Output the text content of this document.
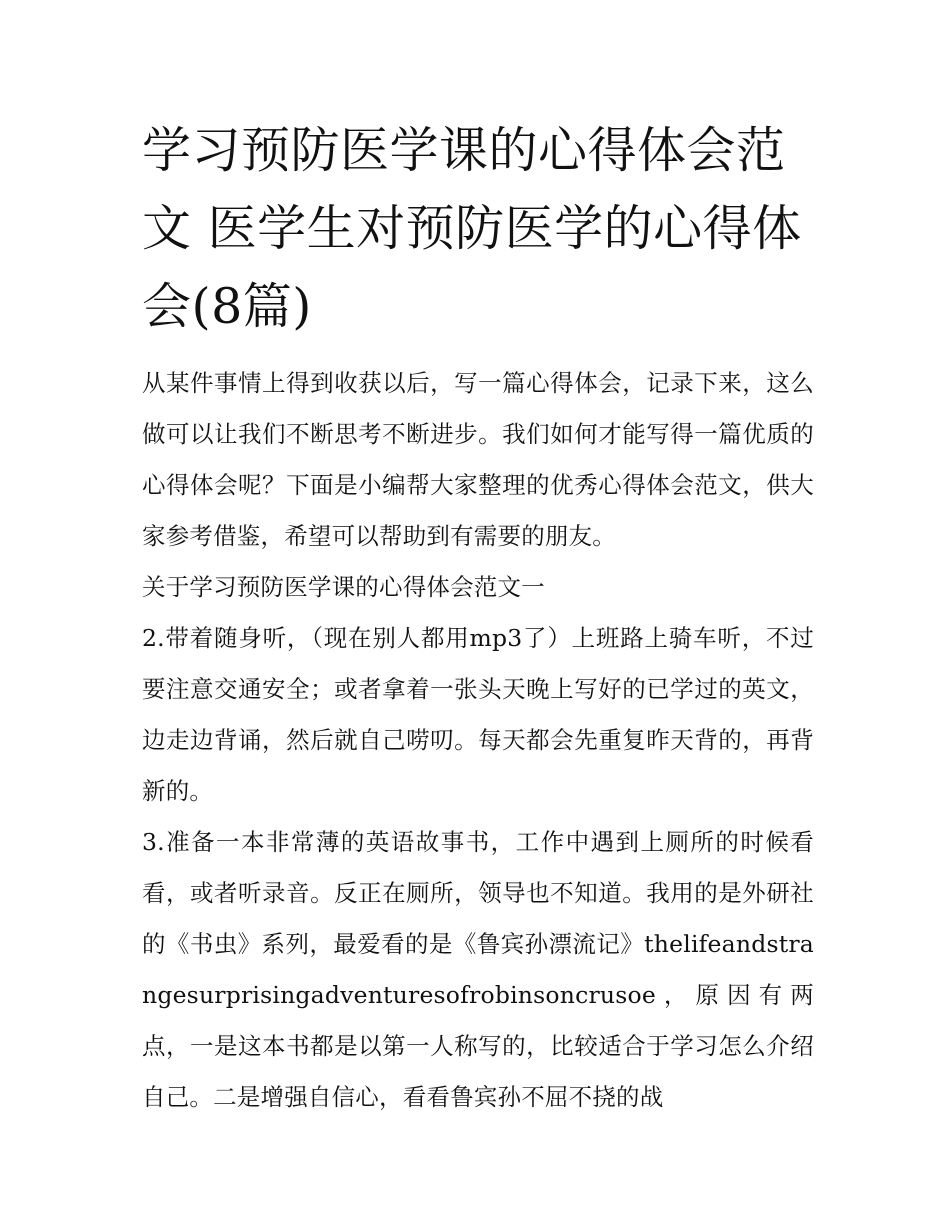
学习预防医学课的心得体会范文 医学生对预防医学的心得体会(8篇)

从某件事情上得到收获以后，写一篇心得体会，记录下来，这么做可以让我们不断思考不断进步。我们如何才能写得一篇优质的心得体会呢？下面是小编帮大家整理的优秀心得体会范文，供大家参考借鉴，希望可以帮助到有需要的朋友。

关于学习预防医学课的心得体会范文一

2.带着随身听，（现在别人都用mp3了）上班路上骑车听，不过要注意交通安全；或者拿着一张头天晚上写好的已学过的英文，边走边背诵，然后就自己唠叨。每天都会先重复昨天背的，再背新的。

3.准备一本非常薄的英语故事书，工作中遇到上厕所的时候看看，或者听录音。反正在厕所，领导也不知道。我用的是外研社的《书虫》系列，最爱看的是《鲁宾孙漂流记》thelifeandstrangesurprisingadventuresofrobinsoncrusoe，原因有两点，一是这本书都是以第一人称写的，比较适合于学习怎么介绍自己。二是增强自信心，看看鲁宾孙不屈不挠的战
